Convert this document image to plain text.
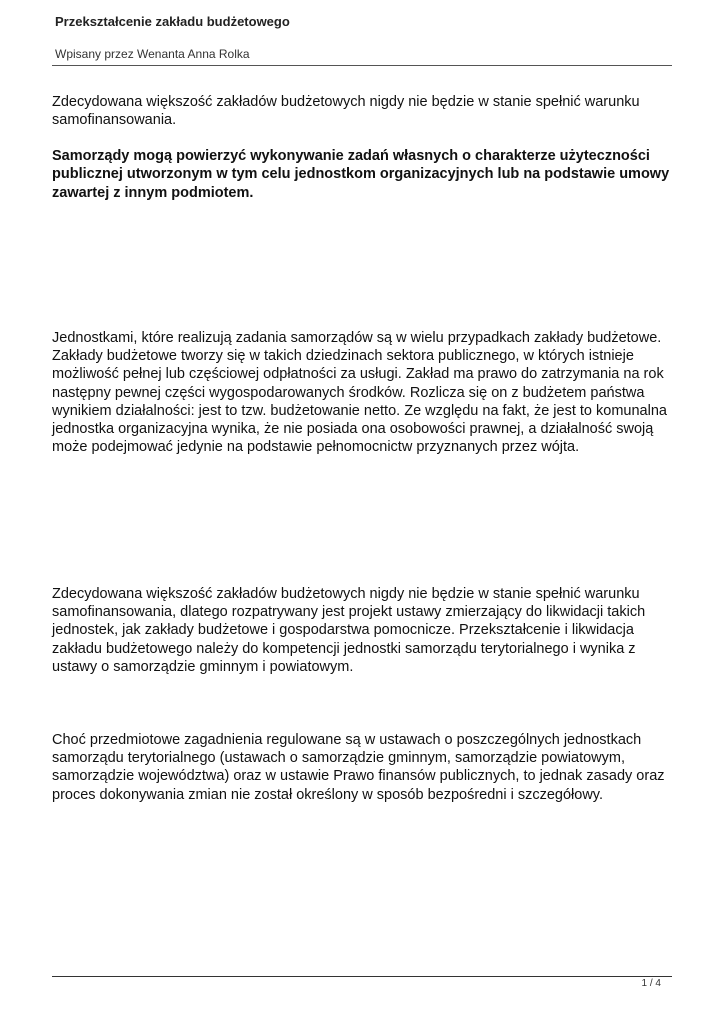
Przekształcenie zakładu budżetowego
Wpisany przez Wenanta Anna Rolka

Zdecydowana większość zakładów budżetowych nigdy nie będzie w stanie spełnić warunku samofinansowania.

Samorządy mogą powierzyć wykonywanie zadań własnych o charakterze użyteczności publicznej utworzonym w tym celu jednostkom organizacyjnych lub na podstawie umowy zawartej z innym podmiotem.

Jednostkami, które realizują zadania samorządów są w wielu przypadkach zakłady budżetowe. Zakłady budżetowe tworzy się w takich dziedzinach sektora publicznego, w których istnieje możliwość pełnej lub częściowej odpłatności za usługi. Zakład ma prawo do zatrzymania na rok następny pewnej części wygospodarowanych środków. Rozlicza się on z budżetem państwa wynikiem działalności: jest to tzw. budżetowanie netto. Ze względu na fakt, że jest to komunalna jednostka organizacyjna wynika, że nie posiada ona osobowości prawnej, a działalność swoją może podejmować jedynie na podstawie pełnomocnictw przyznanych przez wójta.

Zdecydowana większość zakładów budżetowych nigdy nie będzie w stanie spełnić warunku samofinansowania, dlatego rozpatrywany jest projekt ustawy zmierzający do likwidacji takich jednostek, jak zakłady budżetowe i gospodarstwa pomocnicze. Przekształcenie i likwidacja zakładu budżetowego należy do kompetencji jednostki samorządu terytorialnego i wynika z ustawy o samorządzie gminnym i powiatowym.

Choć przedmiotowe zagadnienia regulowane są w ustawach o poszczególnych jednostkach samorządu terytorialnego (ustawach o samorządzie gminnym, samorządzie powiatowym, samorządzie województwa) oraz w ustawie Prawo finansów publicznych, to jednak zasady oraz proces dokonywania zmian nie został określony w sposób bezpośredni i szczegółowy.

1 / 4
